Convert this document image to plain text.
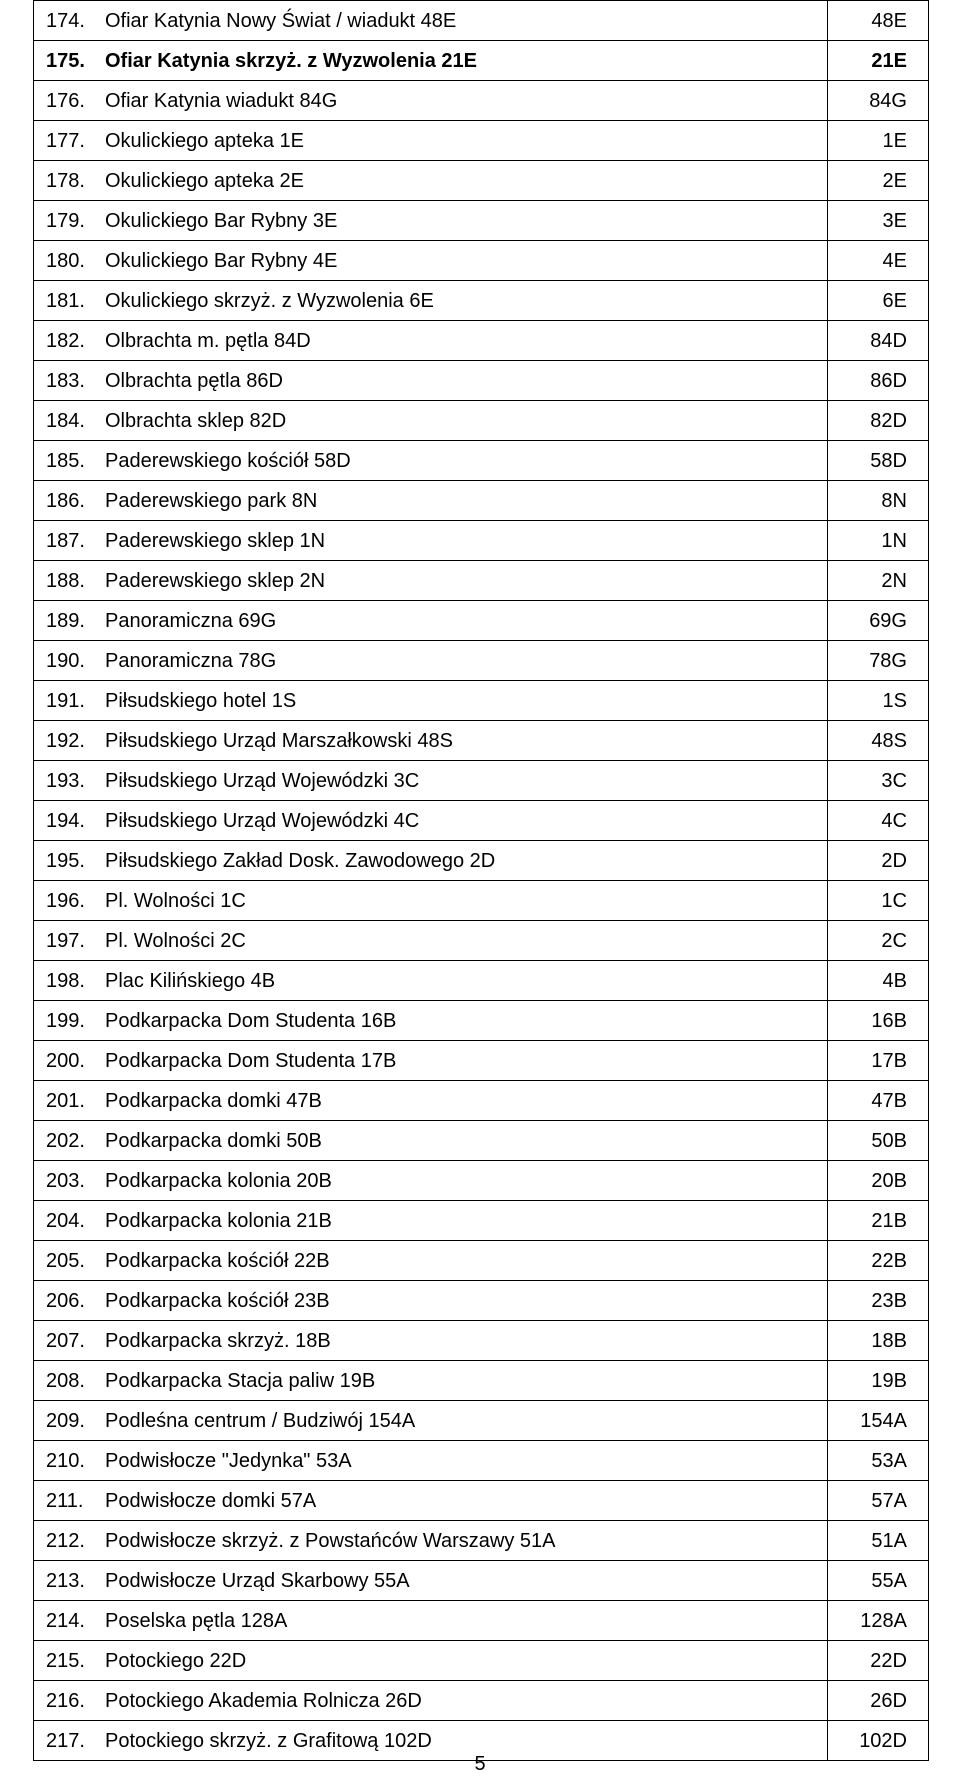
174. Ofiar Katynia Nowy Świat / wiadukt 48E	48E
175. Ofiar Katynia skrzyż. z Wyzwolenia 21E	21E
176. Ofiar Katynia wiadukt 84G	84G
177. Okulickiego apteka 1E	1E
178. Okulickiego apteka 2E	2E
179. Okulickiego Bar Rybny 3E	3E
180. Okulickiego Bar Rybny 4E	4E
181. Okulickiego skrzyż. z Wyzwolenia 6E	6E
182. Olbrachta m. pętla 84D	84D
183. Olbrachta pętla 86D	86D
184. Olbrachta sklep 82D	82D
185. Paderewskiego kościół 58D	58D
186. Paderewskiego park 8N	8N
187. Paderewskiego sklep 1N	1N
188. Paderewskiego sklep 2N	2N
189. Panoramiczna 69G	69G
190. Panoramiczna 78G	78G
191. Piłsudskiego hotel 1S	1S
192. Piłsudskiego Urząd Marszałkowski 48S	48S
193. Piłsudskiego Urząd Wojewódzki 3C	3C
194. Piłsudskiego Urząd Wojewódzki 4C	4C
195. Piłsudskiego Zakład Dosk. Zawodowego 2D	2D
196. Pl. Wolności 1C	1C
197. Pl. Wolności 2C	2C
198. Plac Kilińskiego 4B	4B
199. Podkarpacka Dom Studenta 16B	16B
200. Podkarpacka Dom Studenta 17B	17B
201. Podkarpacka domki 47B	47B
202. Podkarpacka domki 50B	50B
203. Podkarpacka kolonia 20B	20B
204. Podkarpacka kolonia 21B	21B
205. Podkarpacka kościół 22B	22B
206. Podkarpacka kościół 23B	23B
207. Podkarpacka skrzyż. 18B	18B
208. Podkarpacka Stacja paliw 19B	19B
209. Podleśna centrum / Budziwój 154A	154A
210. Podwisłocze "Jedynka" 53A	53A
211. Podwisłocze domki 57A	57A
212. Podwisłocze skrzyż. z Powstańców Warszawy 51A	51A
213. Podwisłocze Urząd Skarbowy 55A	55A
214. Poselska pętla 128A	128A
215. Potockiego 22D	22D
216. Potockiego Akademia Rolnicza 26D	26D
217. Potockiego skrzyż. z Grafitową 102D	102D
5
